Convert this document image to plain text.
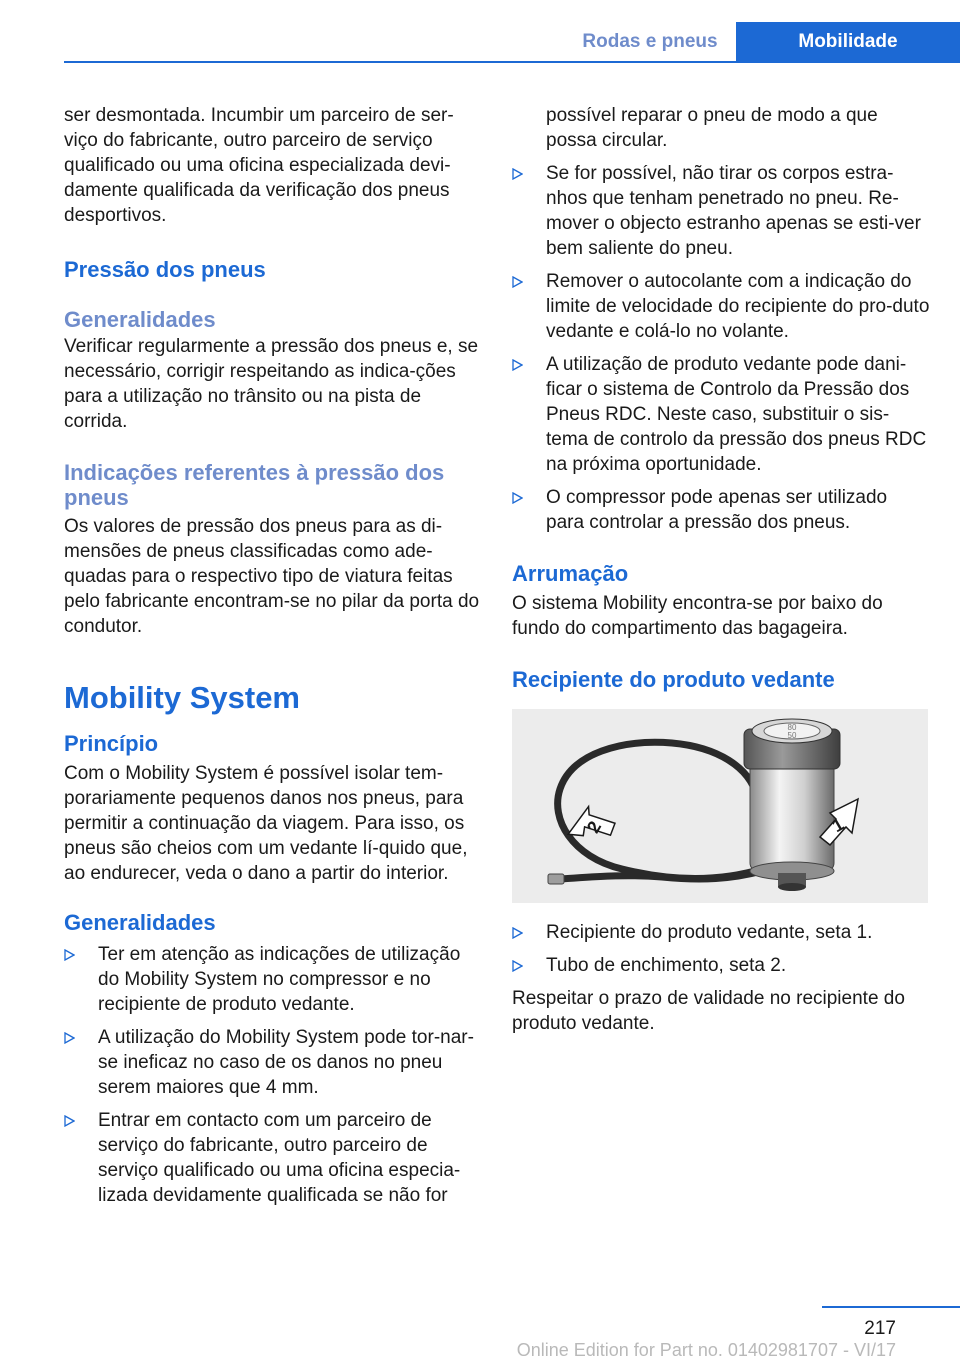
Rodas e pneus	Mobilidade

ser desmontada. Incumbir um parceiro de ser-viço do fabricante, outro parceiro de serviço qualificado ou uma oficina especializada devi-damente qualificada da verificação dos pneus desportivos.

Pressão dos pneus
Generalidades

Verificar regularmente a pressão dos pneus e, se necessário, corrigir respeitando as indica-ções para a utilização no trânsito ou na pista de corrida.

Indicações referentes à pressão dos pneus

Os valores de pressão dos pneus para as di-mensões de pneus classificadas como ade-quadas para o respectivo tipo de viatura feitas pelo fabricante encontram-se no pilar da porta do condutor.

Mobility System
Princípio

Com o Mobility System é possível isolar tem-porariamente pequenos danos nos pneus, para permitir a continuação da viagem. Para isso, os pneus são cheios com um vedante lí-quido que, ao endurecer, veda o dano a partir do interior.

Generalidades
Ter em atenção as indicações de utilização do Mobility System no compressor e no recipiente de produto vedante.
A utilização do Mobility System pode tor-nar-se ineficaz no caso de os danos no pneu serem maiores que 4 mm.
Entrar em contacto com um parceiro de serviço do fabricante, outro parceiro de serviço qualificado ou uma oficina especia-lizada devidamente qualificada se não for

possível reparar o pneu de modo a que possa circular.

Se for possível, não tirar os corpos estra-nhos que tenham penetrado no pneu. Re-mover o objecto estranho apenas se esti-ver bem saliente do pneu.
Remover o autocolante com a indicação do limite de velocidade do recipiente do pro-duto vedante e colá-lo no volante.
A utilização de produto vedante pode dani-ficar o sistema de Controlo da Pressão dos Pneus RDC. Neste caso, substituir o sis-tema de controlo da pressão dos pneus RDC na próxima oportunidade.
O compressor pode apenas ser utilizado para controlar a pressão dos pneus.
Arrumação

O sistema Mobility encontra-se por baixo do fundo do compartimento das bagageira.

Recipiente do produto vedante
80
50
2	1
Recipiente do produto vedante, seta 1.
Tubo de enchimento, seta 2.

Respeitar o prazo de validade no recipiente do produto vedante.

217
Online Edition for Part no. 01402981707 - VI/17
